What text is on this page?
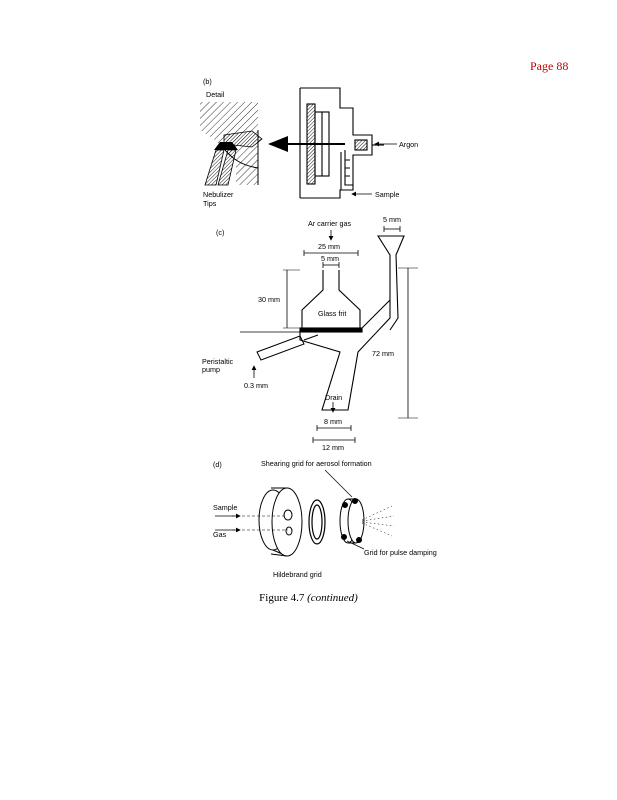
Page 88
(b)
Detail
Nebulizer
Tips
Argon
Sample
(c)
Ar carrier gas	5 mm
25 mm
5 mm
30 mm
Glass frit
72 mm
Peristaltic
pump
0.3 mm
Drain
8 mm
12 mm
(d)	Shearing grid for aerosol formation
Sample
Gas
Grid for pulse damping
Hildebrand grid
Figure 4.7 (continued)
